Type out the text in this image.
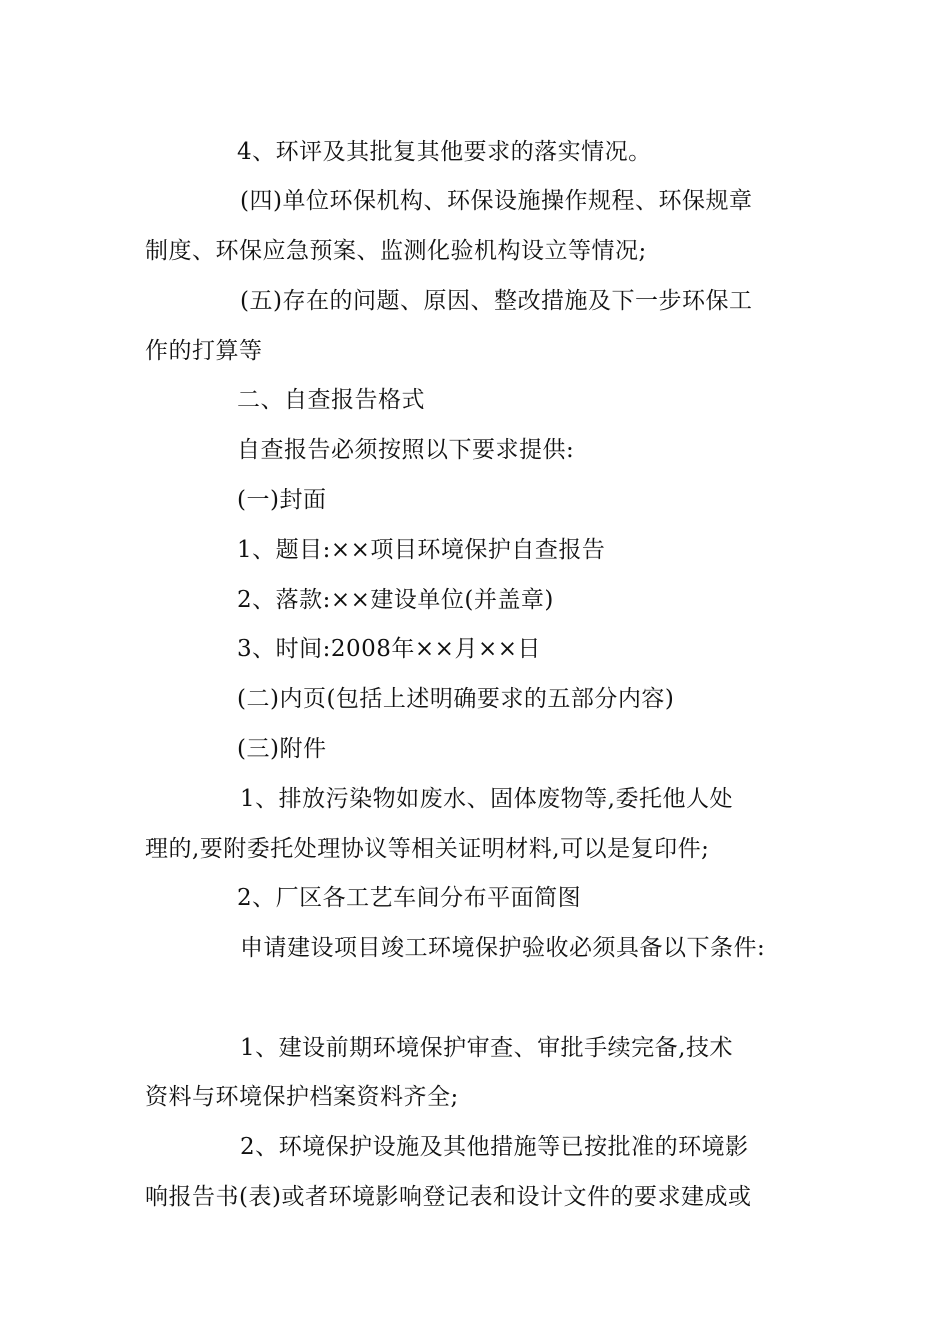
4、环评及其批复其他要求的落实情况。
(四)单位环保机构、环保设施操作规程、环保规章
制度、环保应急预案、监测化验机构设立等情况;
(五)存在的问题、原因、整改措施及下一步环保工
作的打算等
二、自查报告格式
自查报告必须按照以下要求提供:
(一)封面
1、题目:××项目环境保护自查报告
2、落款:××建设单位(并盖章)
3、时间:2008年××月××日
(二)内页(包括上述明确要求的五部分内容)
(三)附件
1、排放污染物如废水、固体废物等,委托他人处
理的,要附委托处理协议等相关证明材料,可以是复印件;
2、厂区各工艺车间分布平面简图
申请建设项目竣工环境保护验收必须具备以下条件:
1、建设前期环境保护审查、审批手续完备,技术
资料与环境保护档案资料齐全;
2、环境保护设施及其他措施等已按批准的环境影
响报告书(表)或者环境影响登记表和设计文件的要求建成或
